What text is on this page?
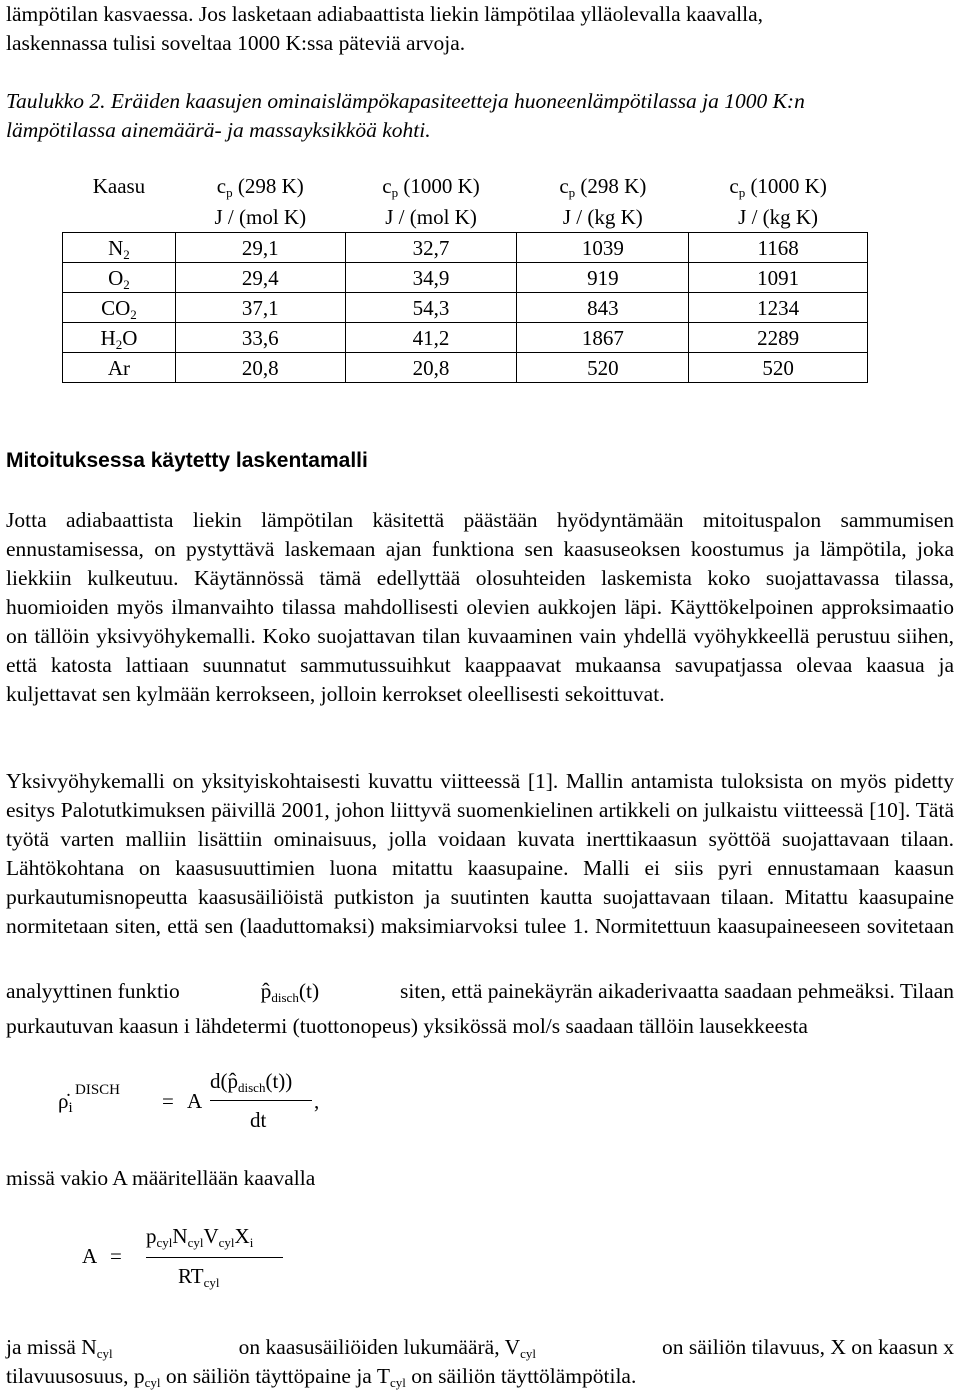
lämpötilan kasvaessa. Jos lasketaan adiabaattista liekin lämpötilaa ylläolevalla kaavalla,
laskennassa tulisi soveltaa 1000 K:ssa päteviä arvoja.
Taulukko 2. Eräiden kaasujen ominaislämpökapasiteetteja huoneenlämpötilassa ja 1000 K:n
lämpötilassa ainemäärä- ja massayksikköä kohti.
Kaasu	$c_p$ (298 K)	$c_p$ (1000 K)	$c_p$ (298 K)	$c_p$ (1000 K)
	J / (mol K)	J / (mol K)	J / (kg K)	J / (kg K)
$N_2$	29,1	32,7	1039	1168
$O_2$	29,4	34,9	919	1091
$CO_2$	37,1	54,3	843	1234
$H_2O$	33,6	41,2	1867	2289
Ar	20,8	20,8	520	520
Mitoituksessa käytetty laskentamalli
Jotta adiabaattista liekin lämpötilan käsitettä päästään hyödyntämään mitoituspalon sammumisen ennustamisessa, on pystyttävä laskemaan ajan funktiona sen kaasuseoksen koostumus ja lämpötila, joka liekkiin kulkeutuu. Käytännössä tämä edellyttää olosuhteiden laskemista koko suojattavassa tilassa, huomioiden myös ilmanvaihto tilassa mahdollisesti olevien aukkojen läpi. Käyttökelpoinen approksimaatio on tällöin yksivyöhykemalli. Koko suojattavan tilan kuvaaminen vain yhdellä vyöhykkeellä perustuu siihen, että katosta lattiaan suunnatut sammutussuihkut kaappaavat mukaansa savupatjassa olevaa kaasua ja kuljettavat sen kylmään kerrokseen, jolloin kerrokset oleellisesti sekoittuvat.
Yksivyöhykemalli on yksityiskohtaisesti kuvattu viitteessä [1]. Mallin antamista tuloksista on myös pidetty esitys Palotutkimuksen päivillä 2001, johon liittyvä suomenkielinen artikkeli on julkaistu viitteessä [10]. Tätä työtä varten malliin lisättiin ominaisuus, jolla voidaan kuvata inerttikaasun syöttöä suojattavaan tilaan. Lähtökohtana on kaasusuuttimien luona mitattu kaasupaine. Malli ei siis pyri ennustamaan kaasun purkautumisnopeutta kaasusäiliöistä putkiston ja suutinten kautta suojattavaan tilaan. Mitattu kaasupaine normitetaan siten, että sen (laaduttomaksi) maksimiarvoksi tulee 1. Normitettuun kaasupaineeseen sovitetaan
analyyttinen funktio	$p̂_{disch}(t)$	siten, että painekäyrän aikaderivaatta saadaan pehmeäksi. Tilaan
purkautuvan kaasun i lähdetermi (tuottonopeus) yksikössä mol/s saadaan tällöin lausekkeesta
$\rhȯ_i$
DISCH = A
$d(p̂_{disch}(t))$
dt
,
missä vakio A määritellään kaavalla
A =
$p_{cyl}N_{cyl}V_{cyl}X_i$
$RT_{cyl}$
ja missä $N_{cyl}$	on kaasusäiliöiden lukumäärä, $V_{cyl}$	on säiliön tilavuus, X on kaasun x
tilavuusosuus, $p_{cyl}$ on säiliön täyttöpaine ja $T_{cyl}$ on säiliön täyttölämpötila.
